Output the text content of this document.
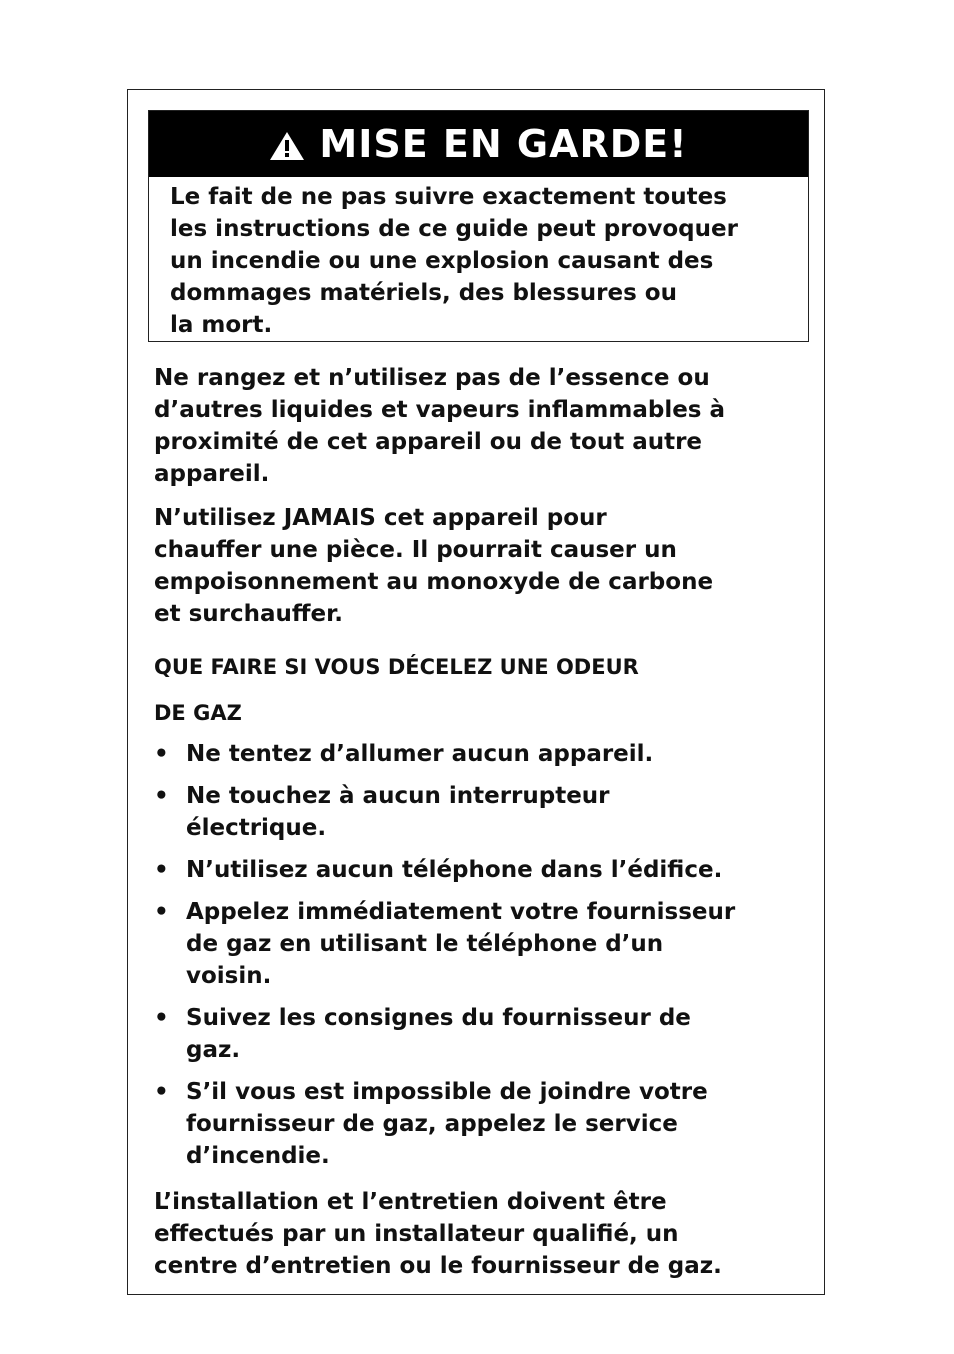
MISE EN GARDE!
Le fait de ne pas suivre exactement toutes
les instructions de ce guide peut provoquer
un incendie ou une explosion causant des
dommages matériels, des blessures ou
la mort.
Ne rangez et n’utilisez pas de l’essence ou
d’autres liquides et vapeurs inflammables à
proximité de cet appareil ou de tout autre
appareil.
N’utilisez JAMAIS cet appareil pour
chauffer une pièce. Il pourrait causer un
empoisonnement au monoxyde de carbone
et surchauffer.
QUE FAIRE SI VOUS DÉCELEZ UNE ODEUR
DE GAZ
• Ne tentez d’allumer aucun appareil.
• Ne touchez à aucun interrupteur
électrique.
• N’utilisez aucun téléphone dans l’édifice.
• Appelez immédiatement votre fournisseur
de gaz en utilisant le téléphone d’un
voisin.
• Suivez les consignes du fournisseur de
gaz.
• S’il vous est impossible de joindre votre
fournisseur de gaz, appelez le service
d’incendie.
L’installation et l’entretien doivent être
effectués par un installateur qualifié, un
centre d’entretien ou le fournisseur de gaz.
